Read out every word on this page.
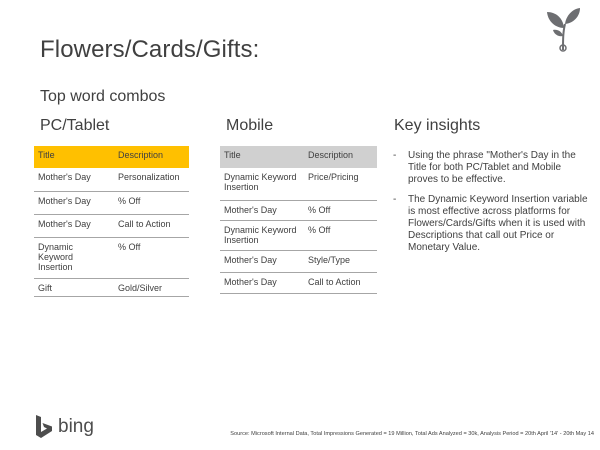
Flowers/Cards/Gifts:
Top word combos
PC/Tablet	Mobile	Key insights
Title	Description
Mother's Day	Personalization
Mother's Day	% Off
Mother's Day	Call to Action
Dynamic Keyword Insertion	% Off
Gift	Gold/Silver
Title	Description
Dynamic Keyword Insertion	Price/Pricing
Mother's Day	% Off
Dynamic Keyword Insertion	% Off
Mother's Day	Style/Type
Mother's Day	Call to Action
- Using the phrase "Mother's Day in the Title for both PC/Tablet and Mobile proves to be effective.
- The Dynamic Keyword Insertion variable is most effective across platforms for Flowers/Cards/Gifts when it is used with Descriptions that call out Price or Monetary Value.
bing	Source: Microsoft Internal Data, Total Impressions Generated = 19 Million, Total Ads Analyzed = 30k, Analysis Period = 20th April '14' - 20th May 14
